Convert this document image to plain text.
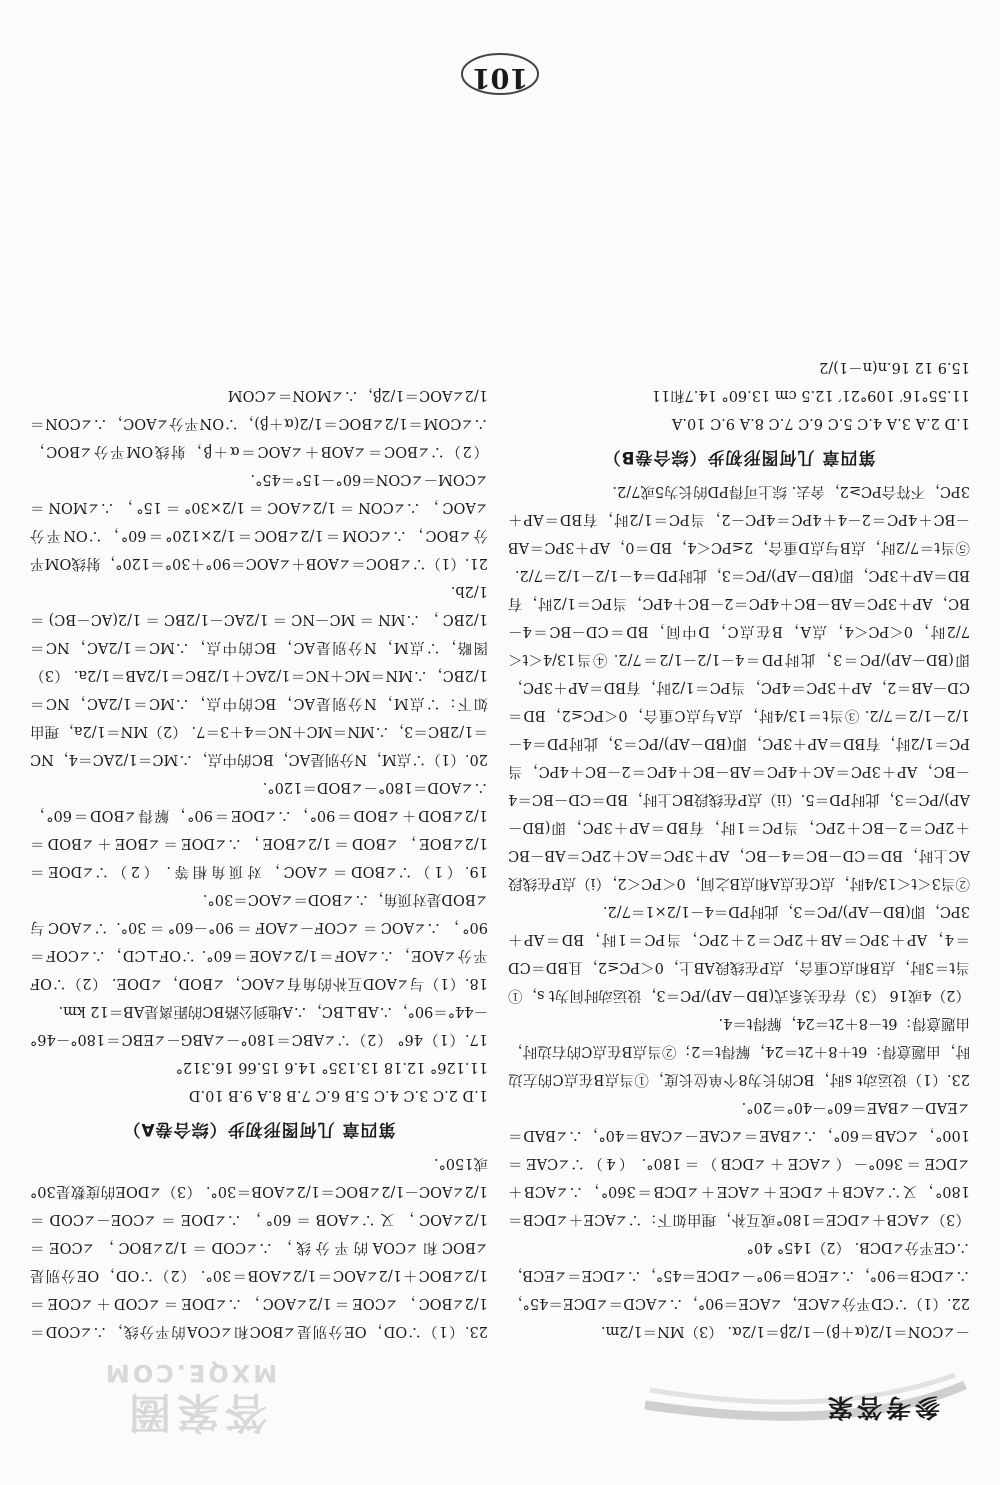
参考答案
答案圈
MXQE.COM

－∠CON＝1/2(α＋β)－1/2β＝1/2α. （3）MN＝1/2m.

22.（1）∵CD平分∠ACE，∠ACE＝90°，∴∠ACD＝∠DCE＝45°，∴∠DCB＝90°，∴∠ECB＝90°－∠DCE＝45°，∴∠DCE＝∠ECB，∴CE平分∠DCB. （2）145° 40°

（3）∠ACB＋∠DCE＝180°或互补，理由如下：∵∠ACE＋∠DCB＝180°，又∵∠ACB＋∠DCE＋∠ACE＋∠DCB＝360°，∴∠ACB＋∠DCE＝360°－（∠ACE＋∠DCB）＝180°. （4）∵∠CAE＝100°，∠CAB＝60°，∴∠BAE＝∠CAE－∠CAB＝40°，∴∠BAD＝∠EAD－∠BAE＝60°－40°＝20°.

23.（1）设运动t s时，BC的长为8个单位长度，①当点B在点C的左边时，由题意得：6t＋8＋2t＝24，解得t＝2；②当点B在点C的右边时，由题意得：6t－8＋2t＝24，解得t＝4.

（2）4或16 （3）存在关系式(BD－AP)/PC＝3，设运动时间为t s，①当t＝3时，点B和点C重合，点P在线段AB上，0＜PC≤2，且BD＝CD＝4，AP＋3PC＝AB＋2PC＝2＋2PC，当PC＝1时，BD＝AP＋3PC，即(BD－AP)/PC＝3，此时PD＝4－1/2×1＝7/2.

②当3＜t＜13/4时，点C在点A和点B之间，0＜PC＜2，（i）点P在线段AC上时，BD＝CD－BC＝4－BC，AP＋3PC＝AC＋2PC＝AB－BC＋2PC＝2－BC＋2PC，当PC＝1时，有BD＝AP＋3PC，即(BD－AP)/PC＝3，此时PD＝5.（ii）点P在线段BC上时，BD＝CD－BC＝4－BC，AP＋3PC＝AC＋4PC＝AB－BC＋4PC＝2－BC＋4PC，当PC＝1/2时，有BD＝AP＋3PC，即(BD－AP)/PC＝3，此时PD＝4－1/2－1/2＝7/2. ③当t＝13/4时，点A与点C重合，0＜PC≤2，BD＝CD－AB＝2，AP＋3PC＝4PC，当PC＝1/2时，有BD＝AP＋3PC，即(BD－AP)/PC＝3，此时PD＝4－1/2－1/2＝7/2. ④当13/4＜t＜7/2时，0＜PC＜4，点A，B在点C，D中间，BD＝CD－BC＝4－BC，AP＋3PC＝AB－BC＋4PC＝2－BC＋4PC，当PC＝1/2时，有BD＝AP＋3PC，即(BD－AP)/PC＝3，此时PD＝4－1/2－1/2＝7/2.

⑤当t＝7/2时，点B与点D重合，2≤PC＜4，BD＝0，AP＋3PC＝AB－BC＋4PC＝2－4＋4PC＝4PC－2，当PC＝1/2时，有BD＝AP＋3PC，不符合PC≥2，舍去. 综上可得PD的长为5或7/2.

第四章 几何图形初步（综合卷B）

1.D 2.A 3.A 4.C 5.C 6.C 7.C 8.A 9.C 10.A

11.55°16′ 109°21′ 12.5 cm 13.60° 14.7和11

15.9 12 16.n(n－1)/2

23.（1）∵OD，OE分别是∠BOC和∠COA的平分线，∴∠COD＝1/2∠BOC，∠COE＝1/2∠AOC，∴∠DOE＝∠COD＋∠COE＝1/2∠BOC＋1/2∠AOC＝1/2∠AOB＝30°. （2）∵OD，OE分别是∠BOC和∠COA的平分线，∴∠COD＝1/2∠BOC，∠COE＝1/2∠AOC，又∵∠AOB＝60°，∴∠DOE＝∠COE－∠COD＝1/2∠AOC－1/2∠BOC＝1/2∠AOB＝30°. （3）∠DOE的度数是30°或150°.

第四章 几何图形初步（综合卷A）

1.D 2.C 3.C 4.C 5.B 6.C 7.B 8.A 9.B 10.D

11.126° 12.18 13.135° 14.6 15.66 16.312°

17.（1）46° （2）∵∠ABC＝180°－∠ABG－∠EBC＝180°－46°－44°＝90°，∴AB⊥BC，∴A地到公路BC的距离是AB＝12 km.

18.（1）与∠AOD互补的角有∠AOC，∠BOD，∠DOE. （2）∵OF平分∠AOE，∴∠AOF＝1/2∠AOE＝60°. ∵OF⊥CD，∴∠COF＝90°，∴∠AOC＝∠COF－∠AOF＝90°－60°＝30°. ∵∠AOC与∠BOD是对顶角，∴∠BOD＝∠AOC＝30°.

19.（1）∵∠BOD＝∠AOC，对顶角相等. （2）∵∠DOE＝1/2∠BOE，∠BOD＝1/2∠BOE，∴∠DOE＝∠BOE＋∠BOD＝1/2∠BOD＋∠BOD＝90°，∴∠DOE＝90°，解得∠BOD＝60°，∴∠AOD＝180°－∠BOD＝120°.

20.（1）∵点M，N分别是AC，BC的中点，∴MC＝1/2AC＝4，NC＝1/2BC＝3，∴MN＝MC＋NC＝4＋3＝7. （2）MN＝1/2a，理由如下：∵点M，N分别是AC，BC的中点，∴MC＝1/2AC，NC＝1/2BC，∴MN＝MC＋NC＝1/2AC＋1/2BC＝1/2AB＝1/2a. （3）图略，∵点M，N分别是AC，BC的中点，∴MC＝1/2AC，NC＝1/2BC，∴MN＝MC－NC＝1/2AC－1/2BC＝1/2(AC－BC)＝1/2b.

21.（1）∵∠BOC＝∠AOB＋∠AOC＝90°＋30°＝120°，射线OM平分∠BOC，∴∠COM＝1/2∠BOC＝1/2×120°＝60°，∵ON平分∠AOC，∴∠CON＝1/2∠AOC＝1/2×30°＝15°，∴∠MON＝∠COM－∠CON＝60°－15°＝45°.

（2）∵∠BOC＝∠AOB＋∠AOC＝α＋β，射线OM平分∠BOC，∴∠COM＝1/2∠BOC＝1/2(α＋β)，∵ON平分∠AOC，∴∠CON＝1/2∠AOC＝1/2β，∴∠MON＝∠COM

101
